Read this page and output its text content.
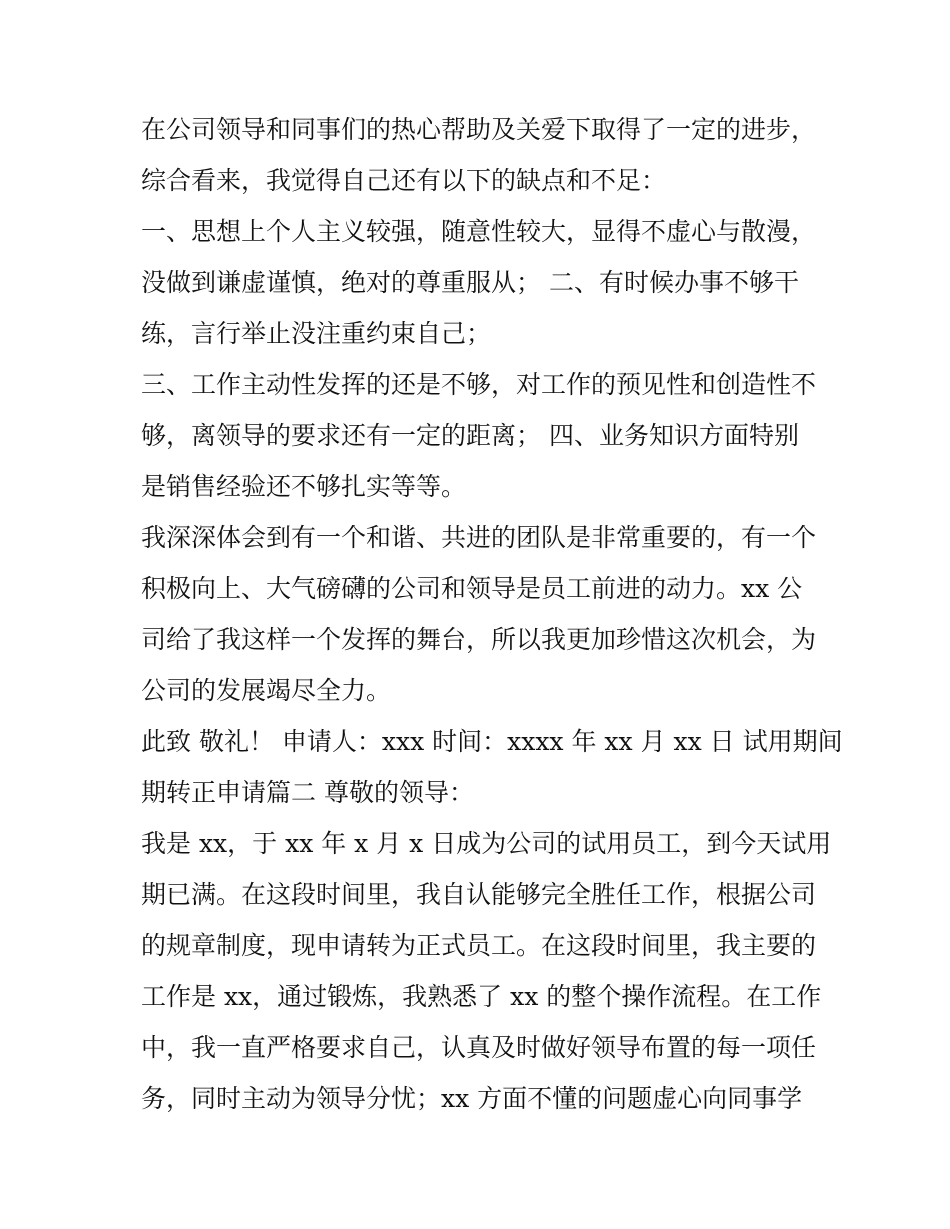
在公司领导和同事们的热心帮助及关爱下取得了一定的进步，
综合看来，我觉得自己还有以下的缺点和不足：
一、思想上个人主义较强，随意性较大，显得不虚心与散漫，
没做到谦虚谨慎，绝对的尊重服从； 二、有时候办事不够干
练，言行举止没注重约束自己；
三、工作主动性发挥的还是不够，对工作的预见性和创造性不
够，离领导的要求还有一定的距离； 四、业务知识方面特别
是销售经验还不够扎实等等。
我深深体会到有一个和谐、共进的团队是非常重要的，有一个
积极向上、大气磅礴的公司和领导是员工前进的动力。xx 公
司给了我这样一个发挥的舞台，所以我更加珍惜这次机会，为
公司的发展竭尽全力。
此致 敬礼！ 申请人：xxx 时间：xxxx 年 xx 月 xx 日 试用期间
期转正申请篇二 尊敬的领导：
我是 xx，于 xx 年 x 月 x 日成为公司的试用员工，到今天试用
期已满。在这段时间里，我自认能够完全胜任工作，根据公司
的规章制度，现申请转为正式员工。在这段时间里，我主要的
工作是 xx，通过锻炼，我熟悉了 xx 的整个操作流程。在工作
中，我一直严格要求自己，认真及时做好领导布置的每一项任
务，同时主动为领导分忧；xx 方面不懂的问题虚心向同事学
